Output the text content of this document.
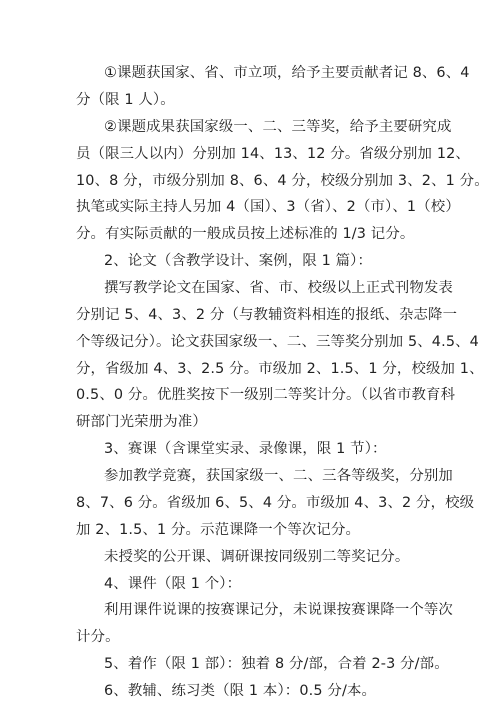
①课题获国家、省、市立项，给予主要贡献者记 8、6、4
分（限 1 人）。
②课题成果获国家级一、二、三等奖，给予主要研究成
员（限三人以内）分别加 14、13、12 分。省级分别加 12、
10、8 分，市级分别加 8、6、4 分，校级分别加 3、2、1 分。
执笔或实际主持人另加 4（国）、3（省）、2（市）、1（校）
分。有实际贡献的一般成员按上述标准的 1/3 记分。
2、论文（含教学设计、案例，限 1 篇）：
撰写教学论文在国家、省、市、校级以上正式刊物发表
分别记 5、4、3、2 分（与教辅资料相连的报纸、杂志降一
个等级记分）。论文获国家级一、二、三等奖分别加 5、4.5、4
分，省级加 4、3、2.5 分。市级加 2、1.5、1 分，校级加 1、
0.5、0 分。优胜奖按下一级别二等奖计分。（以省市教育科
研部门光荣册为准）
3、赛课（含课堂实录、录像课，限 1 节）：
参加教学竞赛，获国家级一、二、三各等级奖，分别加
8、7、6 分。省级加 6、5、4 分。市级加 4、3、2 分，校级
加 2、1.5、1 分。示范课降一个等次记分。
未授奖的公开课、调研课按同级别二等奖记分。
4、课件（限 1 个）：
利用课件说课的按赛课记分，未说课按赛课降一个等次
计分。
5、着作（限 1 部）：独着 8 分/部，合着 2-3 分/部。
6、教辅、练习类（限 1 本）：0.5 分/本。
